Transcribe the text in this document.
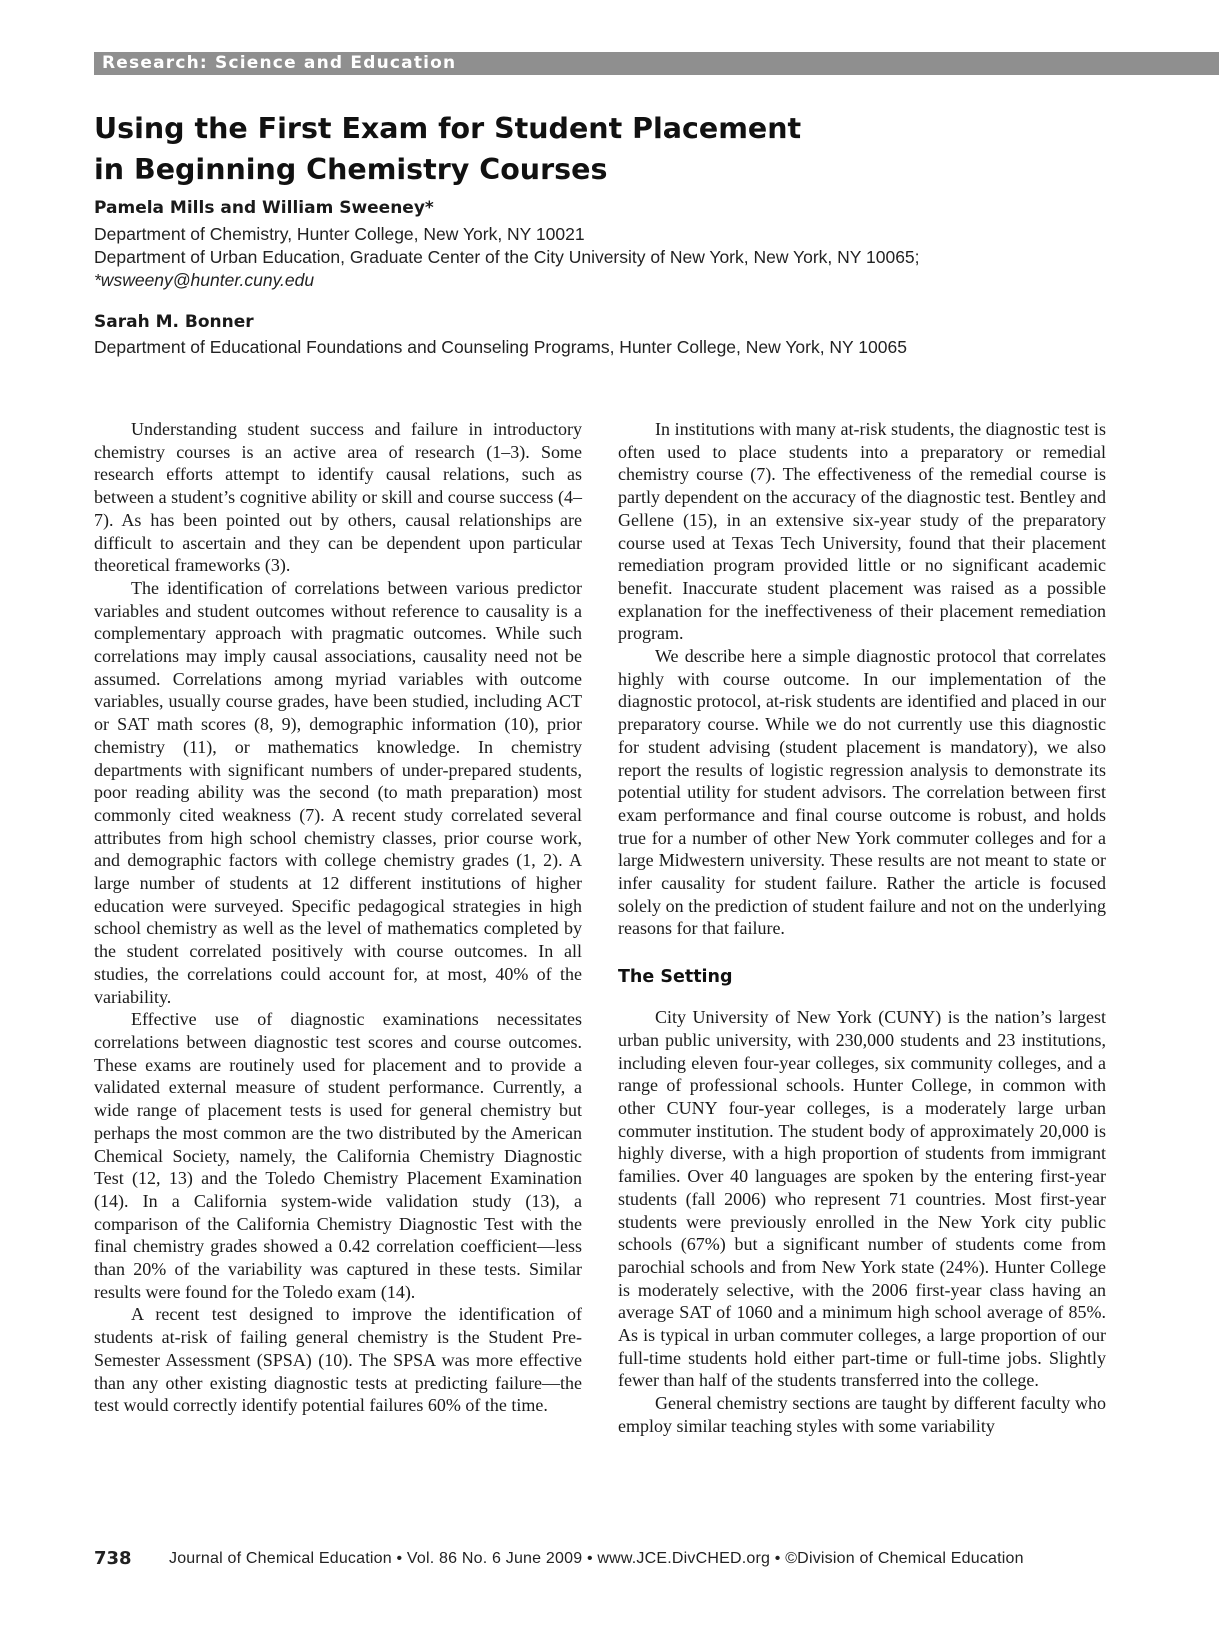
Research: Science and Education
Using the First Exam for Student Placement
in Beginning Chemistry Courses
Pamela Mills and William Sweeney*
Department of Chemistry, Hunter College, New York, NY 10021
Department of Urban Education, Graduate Center of the City University of New York, New York, NY 10065;
*wsweeny@hunter.cuny.edu
Sarah M. Bonner
Department of Educational Foundations and Counseling Programs, Hunter College, New York, NY 10065

Understanding student success and failure in introductory chemistry courses is an active area of research (1–3). Some research efforts attempt to identify causal relations, such as between a student’s cognitive ability or skill and course success (4–7). As has been pointed out by others, causal relationships are difficult to ascertain and they can be dependent upon particular theoretical frameworks (3).

The identification of correlations between various predictor variables and student outcomes without reference to causality is a complementary approach with pragmatic outcomes. While such correlations may imply causal associations, causality need not be assumed. Correlations among myriad variables with outcome variables, usually course grades, have been studied, including ACT or SAT math scores (8, 9), demographic information (10), prior chemistry (11), or mathematics knowledge. In chemistry departments with significant numbers of under-prepared students, poor reading ability was the second (to math preparation) most commonly cited weakness (7). A recent study correlated several attributes from high school chemistry classes, prior course work, and demographic factors with college chemistry grades (1, 2). A large number of students at 12 different institutions of higher education were surveyed. Specific pedagogical strategies in high school chemistry as well as the level of mathematics completed by the student correlated positively with course outcomes. In all studies, the correlations could account for, at most, 40% of the variability.

Effective use of diagnostic examinations necessitates correlations between diagnostic test scores and course outcomes. These exams are routinely used for placement and to provide a validated external measure of student performance. Currently, a wide range of placement tests is used for general chemistry but perhaps the most common are the two distributed by the American Chemical Society, namely, the California Chemistry Diagnostic Test (12, 13) and the Toledo Chemistry Placement Examination (14). In a California system-wide validation study (13), a comparison of the California Chemistry Diagnostic Test with the final chemistry grades showed a 0.42 correlation coefficient—less than 20% of the variability was captured in these tests. Similar results were found for the Toledo exam (14).

A recent test designed to improve the identification of students at-risk of failing general chemistry is the Student Pre-Semester Assessment (SPSA) (10). The SPSA was more effective than any other existing diagnostic tests at predicting failure—the test would correctly identify potential failures 60% of the time.

In institutions with many at-risk students, the diagnostic test is often used to place students into a preparatory or remedial chemistry course (7). The effectiveness of the remedial course is partly dependent on the accuracy of the diagnostic test. Bentley and Gellene (15), in an extensive six-year study of the preparatory course used at Texas Tech University, found that their placement remediation program provided little or no significant academic benefit. Inaccurate student placement was raised as a possible explanation for the ineffectiveness of their placement remediation program.

We describe here a simple diagnostic protocol that correlates highly with course outcome. In our implementation of the diagnostic protocol, at-risk students are identified and placed in our preparatory course. While we do not currently use this diagnostic for student advising (student placement is mandatory), we also report the results of logistic regression analysis to demonstrate its potential utility for student advisors. The correlation between first exam performance and final course outcome is robust, and holds true for a number of other New York commuter colleges and for a large Midwestern university. These results are not meant to state or infer causality for student failure. Rather the article is focused solely on the prediction of student failure and not on the underlying reasons for that failure.

The Setting

City University of New York (CUNY) is the nation’s largest urban public university, with 230,000 students and 23 institutions, including eleven four-year colleges, six community colleges, and a range of professional schools. Hunter College, in common with other CUNY four-year colleges, is a moderately large urban commuter institution. The student body of approximately 20,000 is highly diverse, with a high proportion of students from immigrant families. Over 40 languages are spoken by the entering first-year students (fall 2006) who represent 71 countries. Most first-year students were previously enrolled in the New York city public schools (67%) but a significant number of students come from parochial schools and from New York state (24%). Hunter College is moderately selective, with the 2006 first-year class having an average SAT of 1060 and a minimum high school average of 85%. As is typical in urban commuter colleges, a large proportion of our full-time students hold either part-time or full-time jobs. Slightly fewer than half of the students transferred into the college.

General chemistry sections are taught by different faculty who employ similar teaching styles with some variability

738 Journal of Chemical Education • Vol. 86 No. 6 June 2009 • www.JCE.DivCHED.org • ©Division of Chemical Education
